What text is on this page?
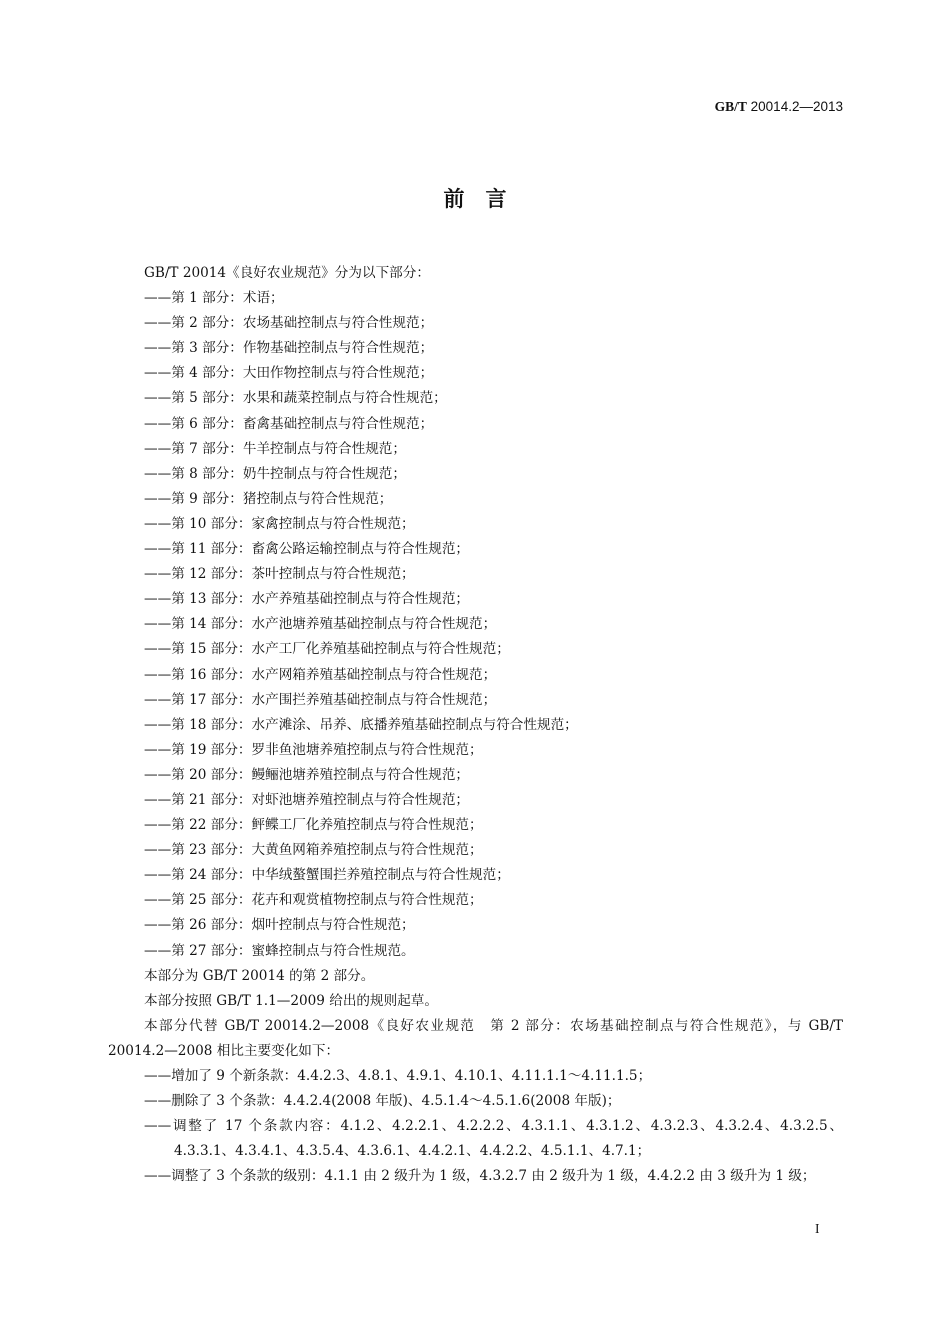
GB/T 20014.2—2013
前　言

GB/T 20014《良好农业规范》分为以下部分：

——第 1 部分：术语；

——第 2 部分：农场基础控制点与符合性规范；

——第 3 部分：作物基础控制点与符合性规范；

——第 4 部分：大田作物控制点与符合性规范；

——第 5 部分：水果和蔬菜控制点与符合性规范；

——第 6 部分：畜禽基础控制点与符合性规范；

——第 7 部分：牛羊控制点与符合性规范；

——第 8 部分：奶牛控制点与符合性规范；

——第 9 部分：猪控制点与符合性规范；

——第 10 部分：家禽控制点与符合性规范；

——第 11 部分：畜禽公路运输控制点与符合性规范；

——第 12 部分：茶叶控制点与符合性规范；

——第 13 部分：水产养殖基础控制点与符合性规范；

——第 14 部分：水产池塘养殖基础控制点与符合性规范；

——第 15 部分：水产工厂化养殖基础控制点与符合性规范；

——第 16 部分：水产网箱养殖基础控制点与符合性规范；

——第 17 部分：水产围拦养殖基础控制点与符合性规范；

——第 18 部分：水产滩涂、吊养、底播养殖基础控制点与符合性规范；

——第 19 部分：罗非鱼池塘养殖控制点与符合性规范；

——第 20 部分：鳗鲡池塘养殖控制点与符合性规范；

——第 21 部分：对虾池塘养殖控制点与符合性规范；

——第 22 部分：鲆鲽工厂化养殖控制点与符合性规范；

——第 23 部分：大黄鱼网箱养殖控制点与符合性规范；

——第 24 部分：中华绒螯蟹围拦养殖控制点与符合性规范；

——第 25 部分：花卉和观赏植物控制点与符合性规范；

——第 26 部分：烟叶控制点与符合性规范；

——第 27 部分：蜜蜂控制点与符合性规范。

本部分为 GB/T 20014 的第 2 部分。

本部分按照 GB/T 1.1—2009 给出的规则起草。

本部分代替 GB/T 20014.2—2008《良好农业规范　第 2 部分：农场基础控制点与符合性规范》，与 GB/T 20014.2—2008 相比主要变化如下：

——增加了 9 个新条款：4.4.2.3、4.8.1、4.9.1、4.10.1、4.11.1.1～4.11.1.5；

——删除了 3 个条款：4.4.2.4(2008 年版)、4.5.1.4～4.5.1.6(2008 年版)；

——调整了 17 个条款内容：4.1.2、4.2.2.1、4.2.2.2、4.3.1.1、4.3.1.2、4.3.2.3、4.3.2.4、4.3.2.5、4.3.3.1、4.3.4.1、4.3.5.4、4.3.6.1、4.4.2.1、4.4.2.2、4.5.1.1、4.7.1；

——调整了 3 个条款的级别：4.1.1 由 2 级升为 1 级，4.3.2.7 由 2 级升为 1 级，4.4.2.2 由 3 级升为 1 级；

I
